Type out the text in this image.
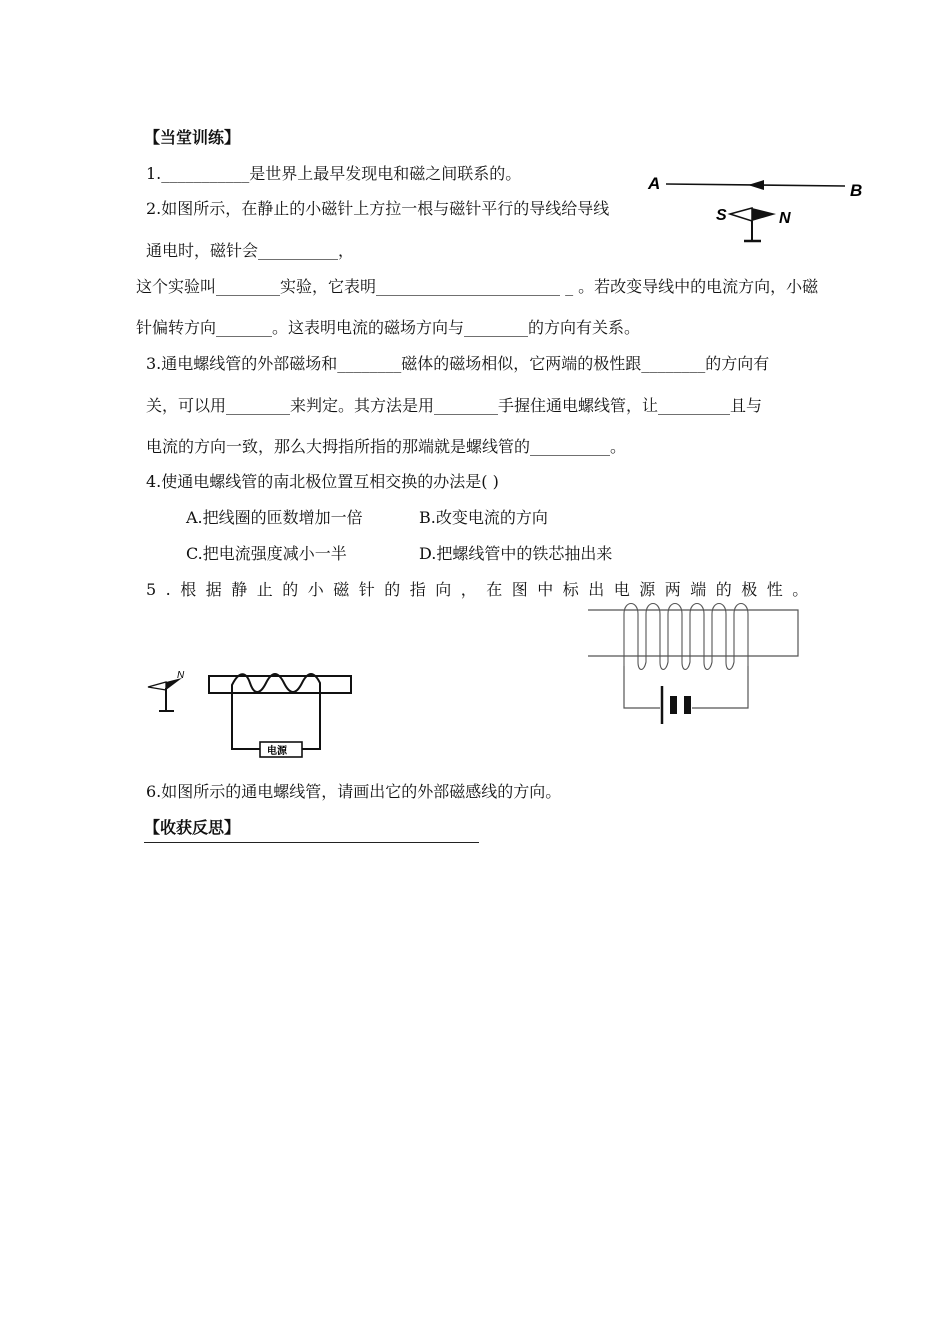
【当堂训练】
1.___________是世界上最早发现电和磁之间联系的。
2.如图所示，在静止的小磁针上方拉一根与磁针平行的导线给导线
通电时，磁针会__________，
这个实验叫________实验，它表明_______________________ _ 。若改变导线中的电流方向，小磁
针偏转方向_______。这表明电流的磁场方向与________的方向有关系。
A	B
S	N
3.通电螺线管的外部磁场和________磁体的磁场相似，它两端的极性跟________的方向有
关，可以用________来判定。其方法是用________手握住通电螺线管，让_________且与
电流的方向一致，那么大拇指所指的那端就是螺线管的__________。
4.使通电螺线管的南北极位置互相交换的办法是( )
A.把线圈的匝数增加一倍	B.改变电流的方向
C.把电流强度减小一半	D.把螺线管中的铁芯抽出来
5.根据静止的小磁针的指向，在图中标出电源两端的极性。
N
电源
6.如图所示的通电螺线管，请画出它的外部磁感线的方向。
【收获反思】
